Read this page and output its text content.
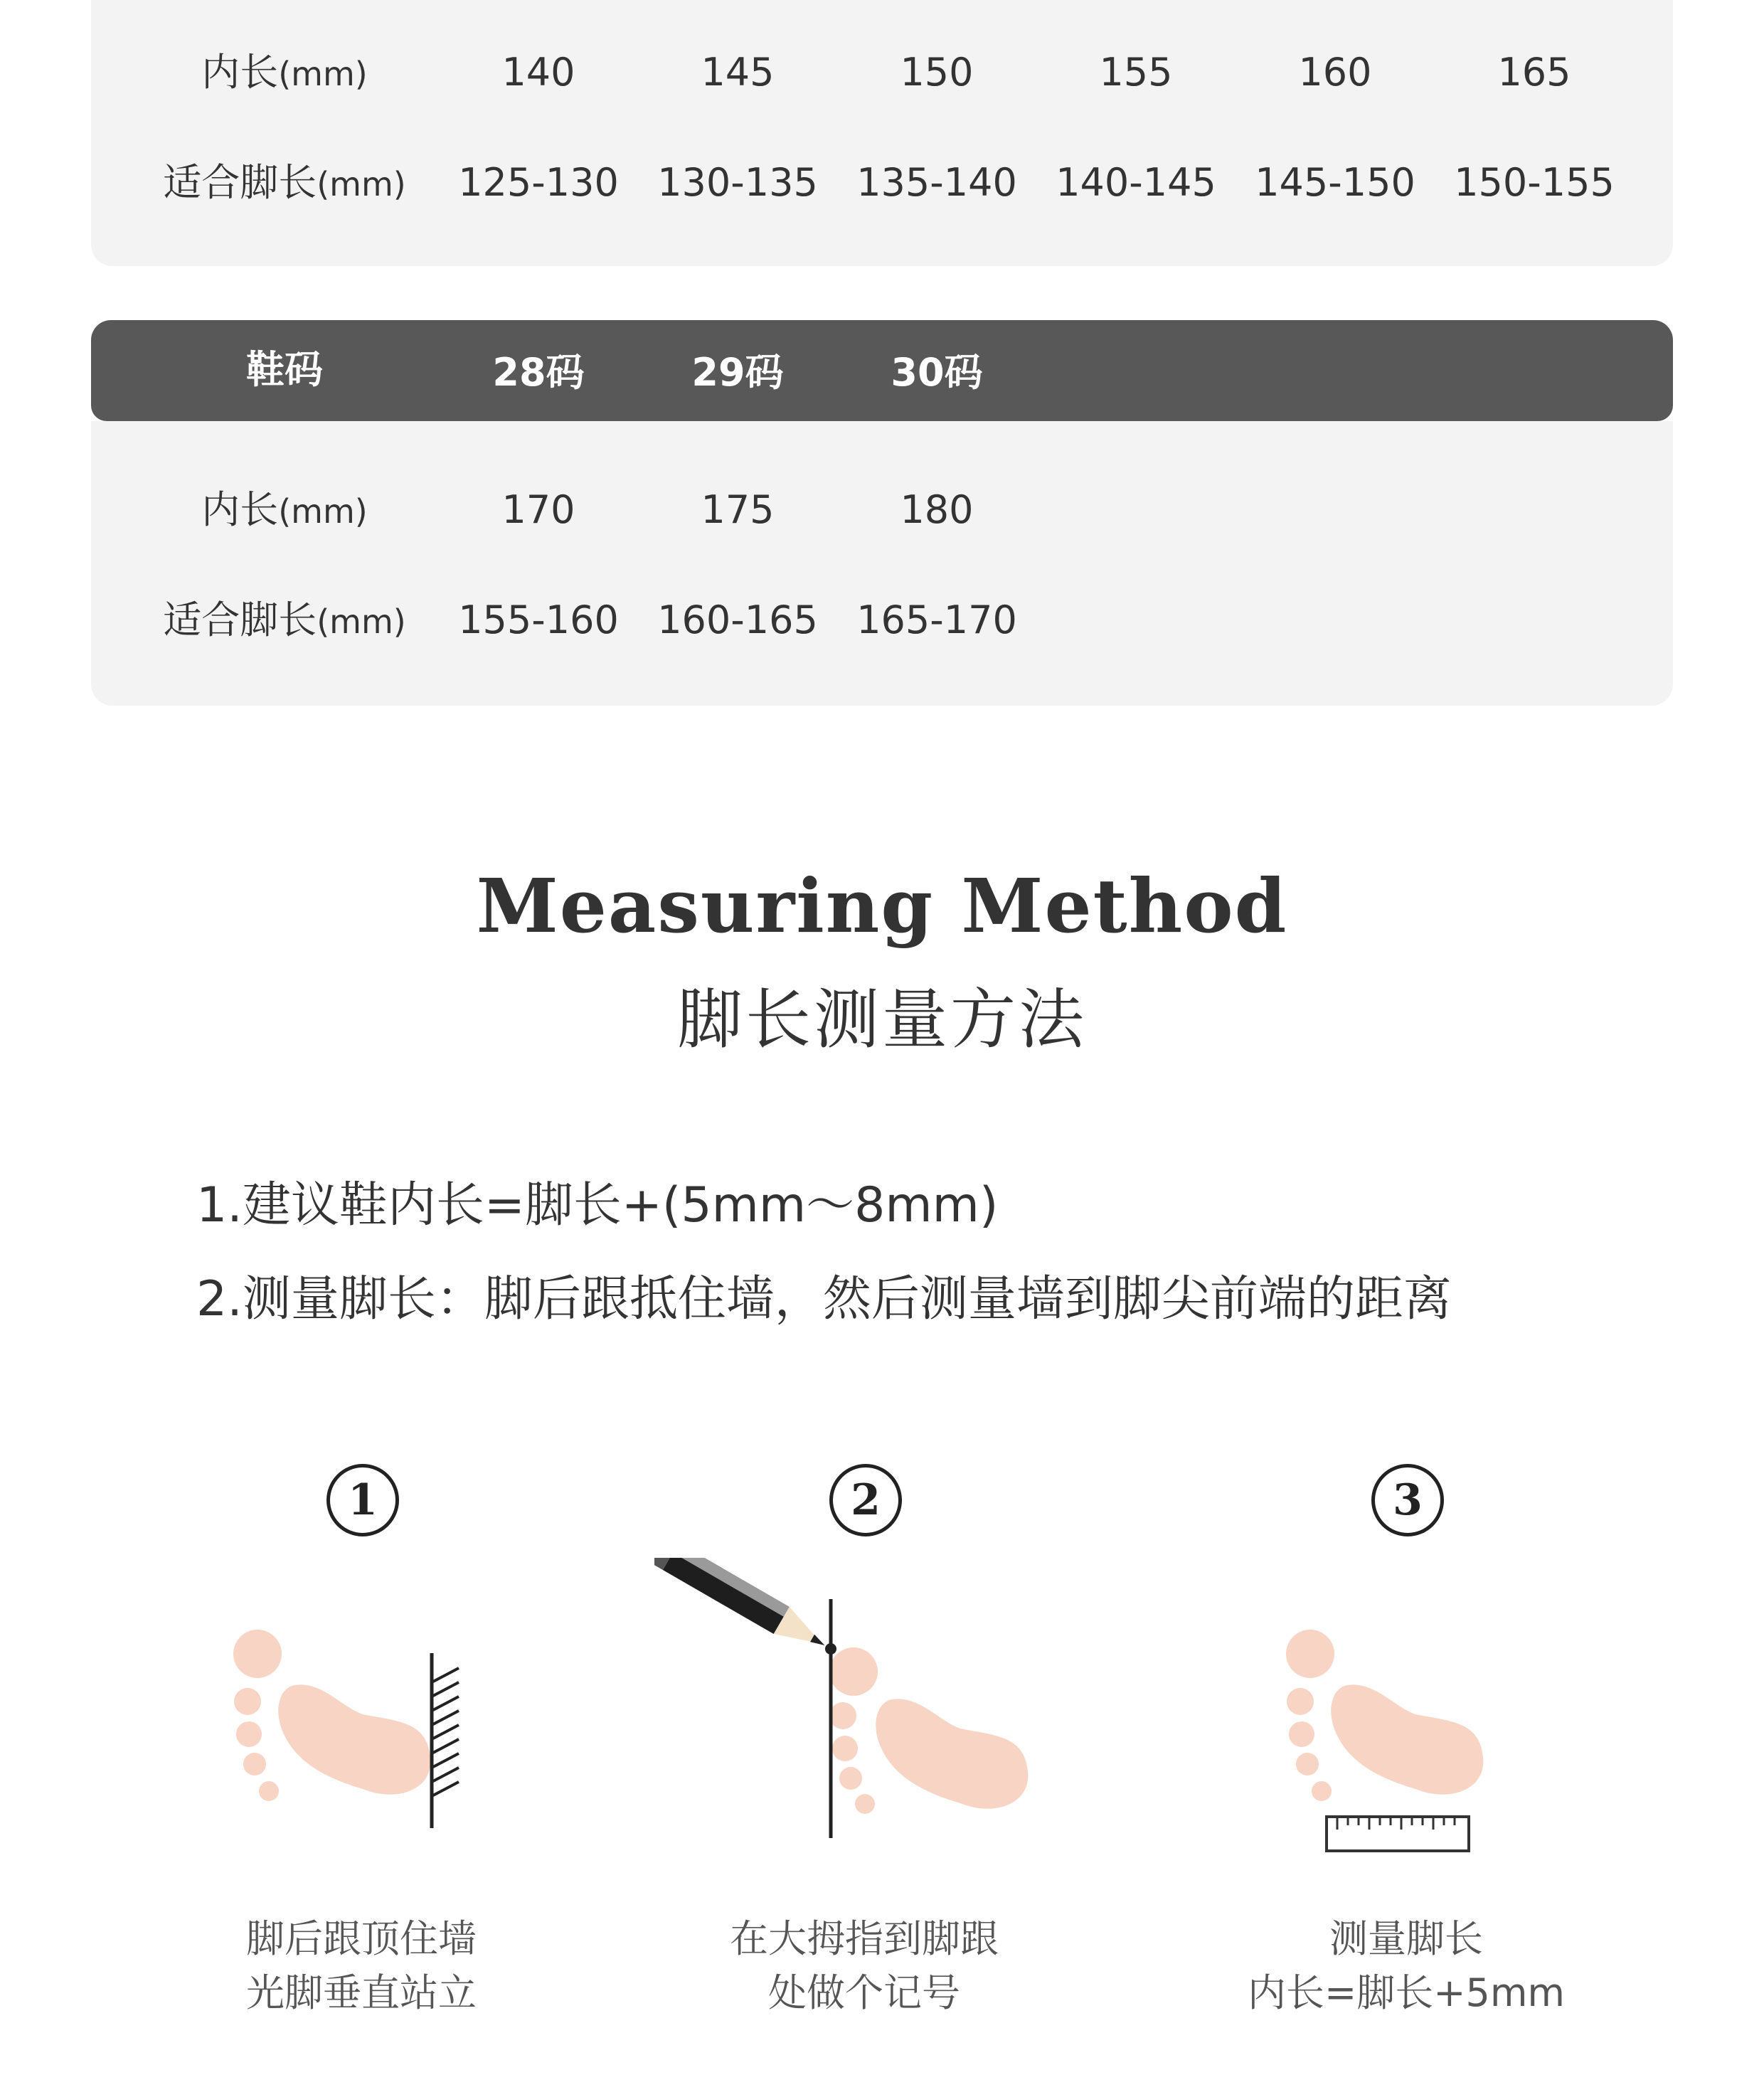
内长(mm)	140	145	150	155	160	165
适合脚长(mm)	125-130	130-135	135-140	140-145	145-150	150-155
鞋码	28码	29码	30码
内长(mm)	170	175	180
适合脚长(mm)	155-160	160-165	165-170
Measuring Method
脚长测量方法
1.建议鞋内长=脚长+(5mm～8mm)
2.测量脚长：脚后跟抵住墙，然后测量墙到脚尖前端的距离
1
脚后跟顶住墙
光脚垂直站立
2
在大拇指到脚跟
处做个记号
3
测量脚长
内长=脚长+5mm
